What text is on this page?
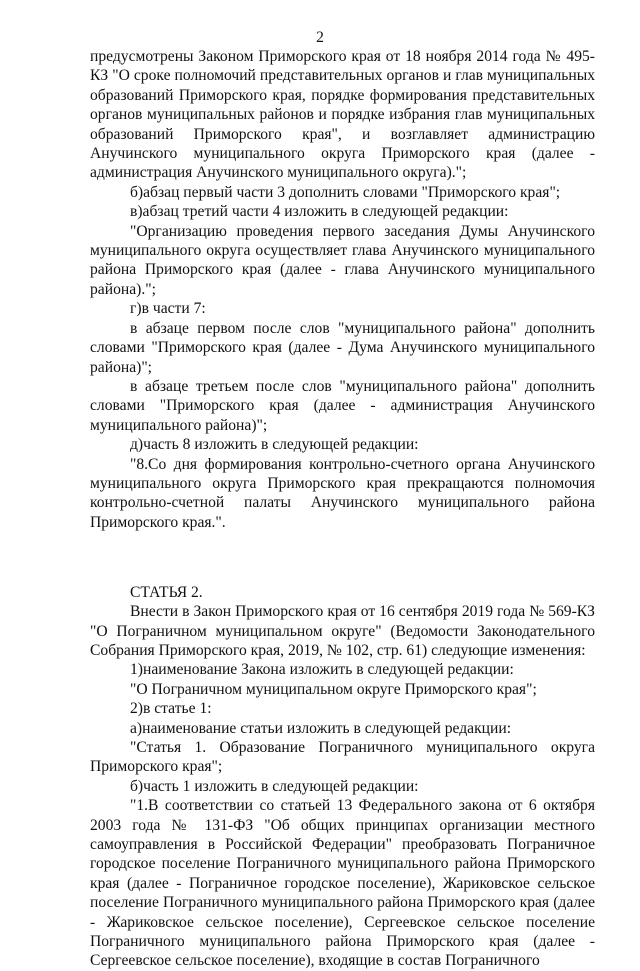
2

предусмотрены Законом Приморского края от 18 ноября 2014 года № 495-КЗ "О сроке полномочий представительных органов и глав муниципальных образований Приморского края, порядке формирования представительных органов муниципальных районов и порядке избрания глав муниципальных образований Приморского края", и возглавляет администрацию Анучинского муниципального округа Приморского края (далее - администрация Анучинского муниципального округа).";

б)абзац первый части 3 дополнить словами "Приморского края";

в)абзац третий части 4 изложить в следующей редакции:

"Организацию проведения первого заседания Думы Анучинского муниципального округа осуществляет глава Анучинского муниципального района Приморского края (далее - глава Анучинского муниципального района).";

г)в части 7:

в абзаце первом после слов "муниципального района" дополнить словами "Приморского края (далее - Дума Анучинского муниципального района)";

в абзаце третьем после слов "муниципального района" дополнить словами "Приморского края (далее - администрация Анучинского муниципального района)";

д)часть 8 изложить в следующей редакции:

"8.Со дня формирования контрольно-счетного органа Анучинского муниципального округа Приморского края прекращаются полномочия контрольно-счетной палаты Анучинского муниципального района Приморского края.".

СТАТЬЯ 2.

Внести в Закон Приморского края от 16 сентября 2019 года № 569-КЗ "О Пограничном муниципальном округе" (Ведомости Законодательного Собрания Приморского края, 2019, № 102, стр. 61) следующие изменения:

1)наименование Закона изложить в следующей редакции:

"О Пограничном муниципальном округе Приморского края";

2)в статье 1:

а)наименование статьи изложить в следующей редакции:

"Статья 1. Образование Пограничного муниципального округа Приморского края";

б)часть 1 изложить в следующей редакции:

"1.В соответствии со статьей 13 Федерального закона от 6 октября 2003 года № 131-ФЗ "Об общих принципах организации местного самоуправления в Российской Федерации" преобразовать Пограничное городское поселение Пограничного муниципального района Приморского края (далее - Пограничное городское поселение), Жариковское сельское поселение Пограничного муниципального района Приморского края (далее - Жариковское сельское поселение), Сергеевское сельское поселение Пограничного муниципального района Приморского края (далее - Сергеевское сельское поселение), входящие в состав Пограничного
